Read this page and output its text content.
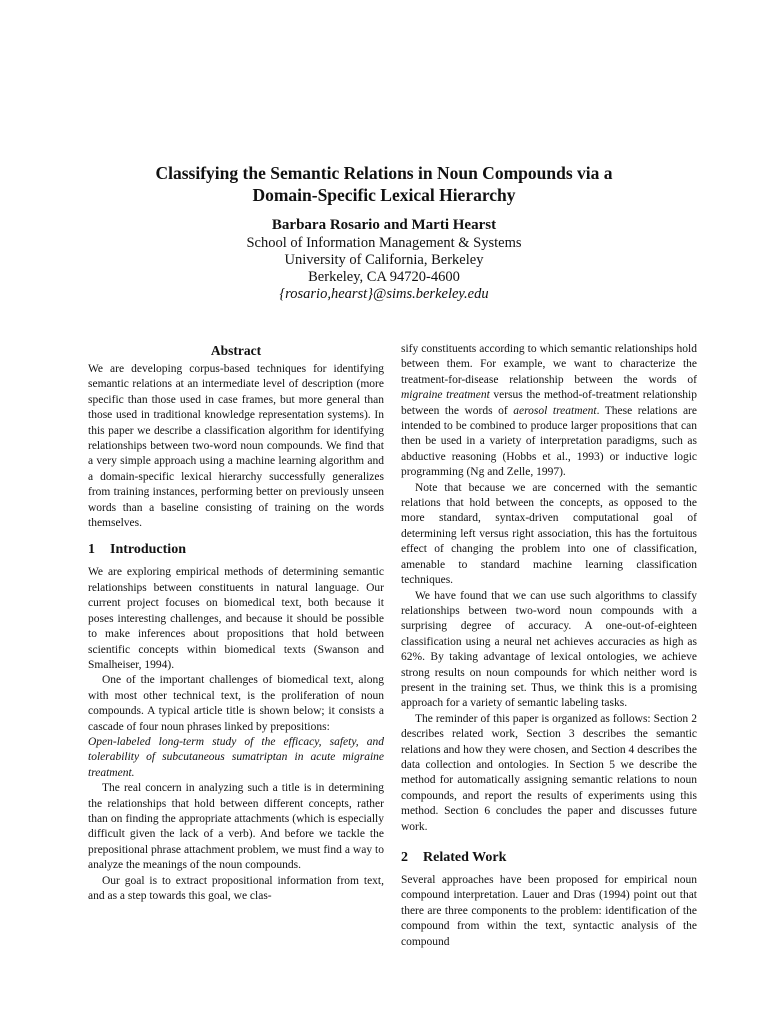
Classifying the Semantic Relations in Noun Compounds via a
Domain-Specific Lexical Hierarchy
Barbara Rosario and Marti Hearst
School of Information Management & Systems
University of California, Berkeley
Berkeley, CA 94720-4600
{rosario,hearst}@sims.berkeley.edu
Abstract

We are developing corpus-based techniques for identifying semantic relations at an intermediate level of description (more specific than those used in case frames, but more general than those used in traditional knowledge representation systems). In this paper we describe a classification algorithm for identifying relationships between two-word noun compounds. We find that a very simple approach using a machine learning algorithm and a domain-specific lexical hierarchy successfully generalizes from training instances, performing better on previously unseen words than a baseline consisting of training on the words themselves.

1 Introduction

We are exploring empirical methods of determining semantic relationships between constituents in natural language. Our current project focuses on biomedical text, both because it poses interesting challenges, and because it should be possible to make inferences about propositions that hold between scientific concepts within biomedical texts (Swanson and Smalheiser, 1994).

One of the important challenges of biomedical text, along with most other technical text, is the proliferation of noun compounds. A typical article title is shown below; it consists a cascade of four noun phrases linked by prepositions:

Open-labeled long-term study of the efficacy, safety, and tolerability of subcutaneous sumatriptan in acute migraine treatment.

The real concern in analyzing such a title is in determining the relationships that hold between different concepts, rather than on finding the appropriate attachments (which is especially difficult given the lack of a verb). And before we tackle the prepositional phrase attachment problem, we must find a way to analyze the meanings of the noun compounds.

Our goal is to extract propositional information from text, and as a step towards this goal, we clas-

sify constituents according to which semantic relationships hold between them. For example, we want to characterize the treatment-for-disease relationship between the words of migraine treatment versus the method-of-treatment relationship between the words of aerosol treatment. These relations are intended to be combined to produce larger propositions that can then be used in a variety of interpretation paradigms, such as abductive reasoning (Hobbs et al., 1993) or inductive logic programming (Ng and Zelle, 1997).

Note that because we are concerned with the semantic relations that hold between the concepts, as opposed to the more standard, syntax-driven computational goal of determining left versus right association, this has the fortuitous effect of changing the problem into one of classification, amenable to standard machine learning classification techniques.

We have found that we can use such algorithms to classify relationships between two-word noun compounds with a surprising degree of accuracy. A one-out-of-eighteen classification using a neural net achieves accuracies as high as 62%. By taking advantage of lexical ontologies, we achieve strong results on noun compounds for which neither word is present in the training set. Thus, we think this is a promising approach for a variety of semantic labeling tasks.

The reminder of this paper is organized as follows: Section 2 describes related work, Section 3 describes the semantic relations and how they were chosen, and Section 4 describes the data collection and ontologies. In Section 5 we describe the method for automatically assigning semantic relations to noun compounds, and report the results of experiments using this method. Section 6 concludes the paper and discusses future work.

2 Related Work

Several approaches have been proposed for empirical noun compound interpretation. Lauer and Dras (1994) point out that there are three components to the problem: identification of the compound from within the text, syntactic analysis of the compound
